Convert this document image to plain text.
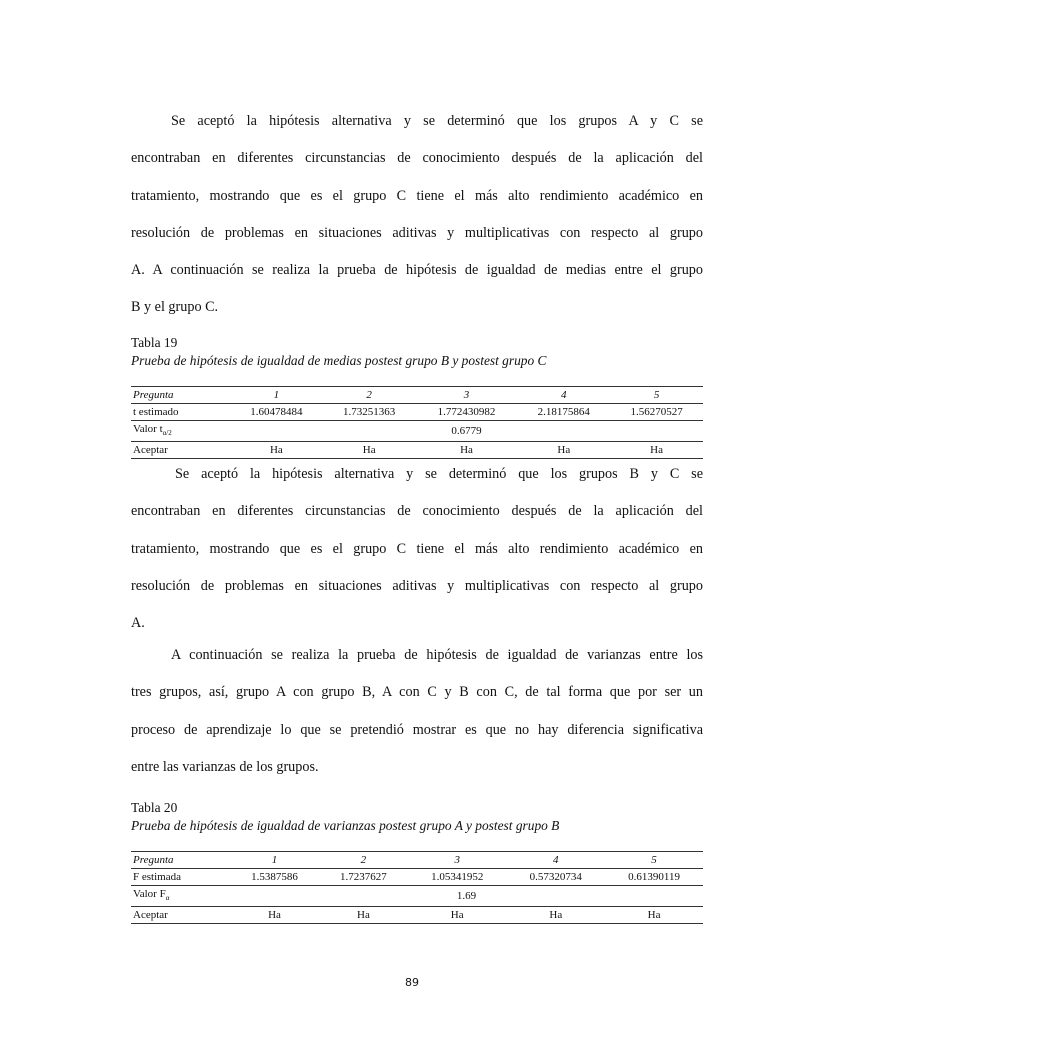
Se aceptó la hipótesis alternativa y se determinó que los grupos A y C se
encontraban en diferentes circunstancias de conocimiento después de la aplicación del
tratamiento, mostrando que es el grupo C tiene el más alto rendimiento académico en
resolución de problemas en situaciones aditivas y multiplicativas con respecto al grupo
A. A continuación se realiza la prueba de hipótesis de igualdad de medias entre el grupo
B y el grupo C.
Tabla 19
Prueba de hipótesis de igualdad de medias postest grupo B y postest grupo C
Pregunta	1	2	3	4	5
t estimado	1.60478484	1.73251363	1.772430982	2.18175864	1.56270527
Valor $t_{\alpha/2}$	0.6779				
Aceptar	Ha	Ha	Ha	Ha	Ha
Se aceptó la hipótesis alternativa y se determinó que los grupos B y C se
encontraban en diferentes circunstancias de conocimiento después de la aplicación del
tratamiento, mostrando que es el grupo C tiene el más alto rendimiento académico en
resolución de problemas en situaciones aditivas y multiplicativas con respecto al grupo
A.
A continuación se realiza la prueba de hipótesis de igualdad de varianzas entre los
tres grupos, así, grupo A con grupo B, A con C y B con C, de tal forma que por ser un
proceso de aprendizaje lo que se pretendió mostrar es que no hay diferencia significativa
entre las varianzas de los grupos.
Tabla 20
Prueba de hipótesis de igualdad de varianzas postest grupo A y postest grupo B
Pregunta	1	2	3	4	5
F estimada	1.5387586	1.7237627	1.05341952	0.57320734	0.61390119
Valor $F_\alpha$	1.69				
Aceptar	Ha	Ha	Ha	Ha	Ha
89
